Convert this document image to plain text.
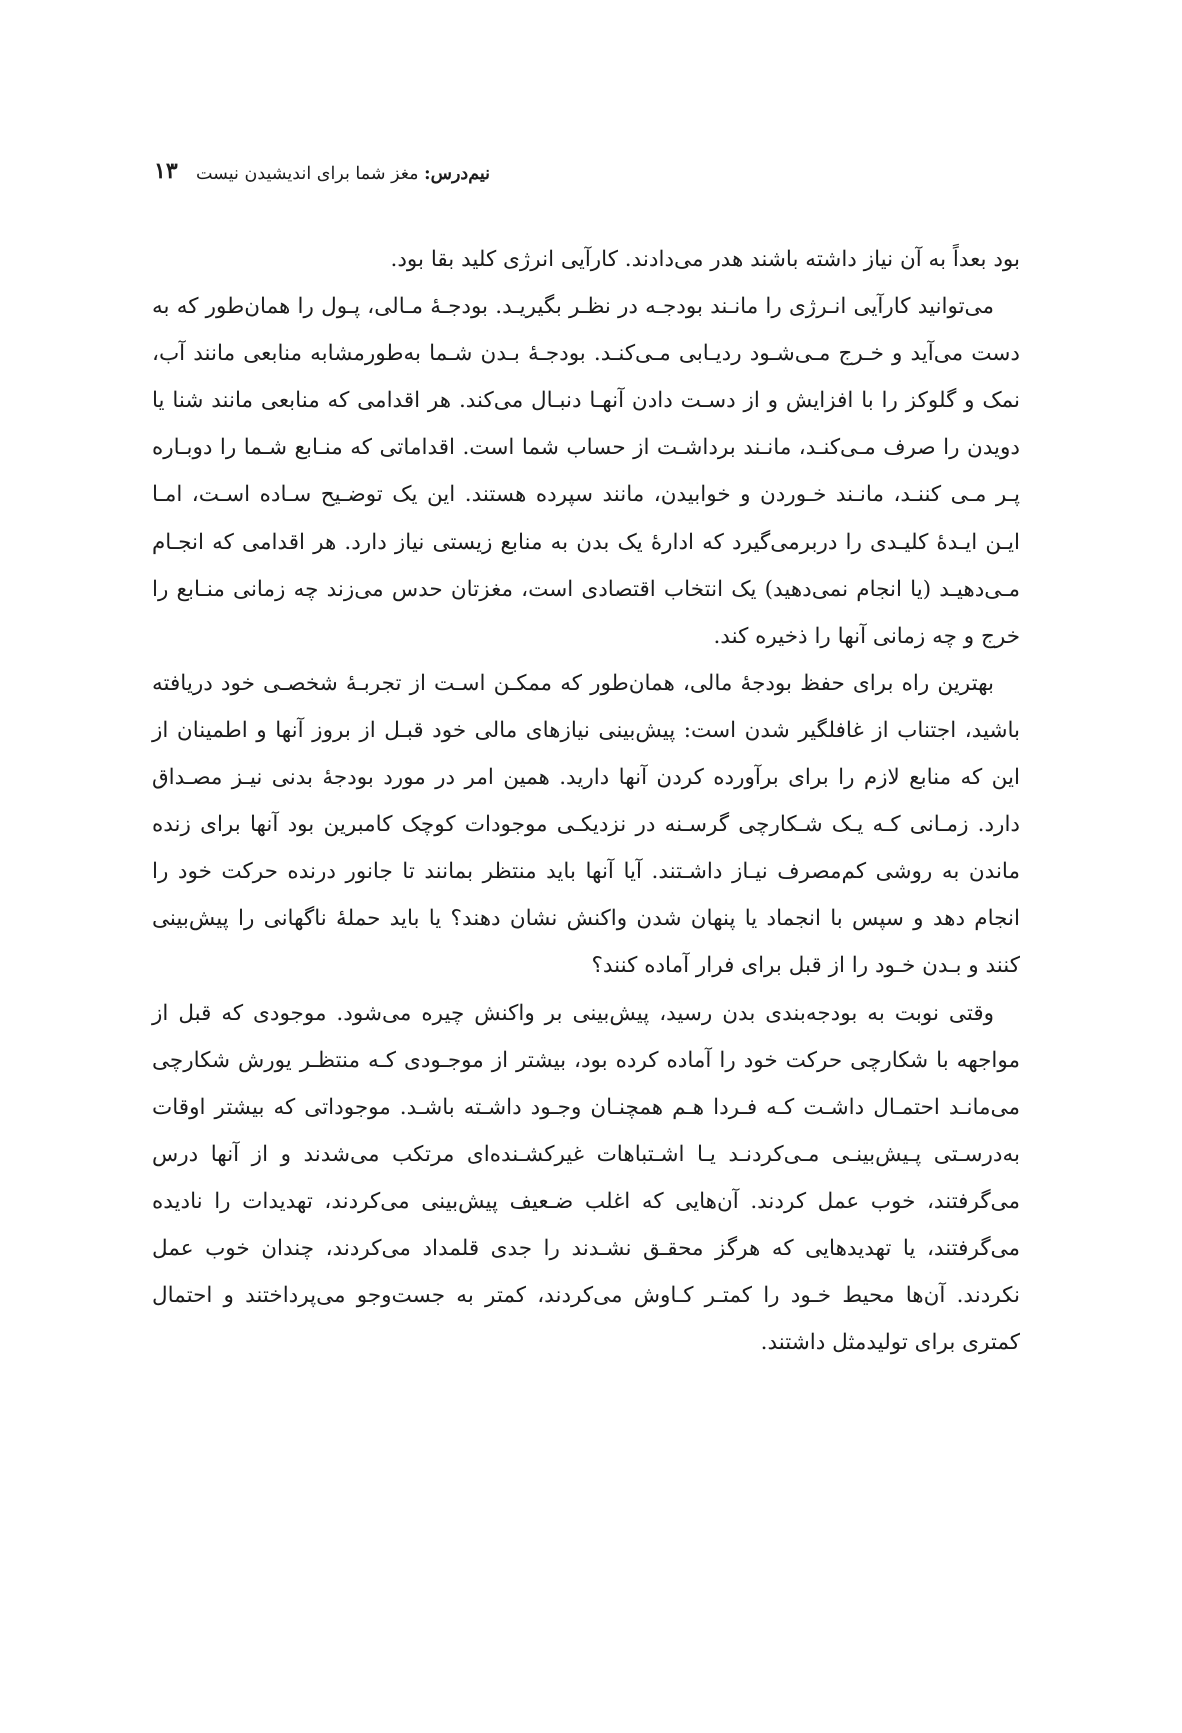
نیم‌درس: مغز شما برای اندیشیدن نیست
۱۳

بود بعداً به آن نیاز داشته باشند هدر می‌دادند. کارآیی انرژی کلید بقا بود.

می‌توانید کارآیی انـرژی را مانـند بودجـه در نظـر بگیریـد. بودجـهٔ مـالی، پـول را همان‌طور که به دست می‌آید و خـرج مـی‌شـود ردیـابی مـی‌کنـد. بودجـهٔ بـدن شـما به‌طورمشابه منابعی مانند آب، نمک و گلوکز را با افزایش و از دسـت دادن آنهـا دنبـال می‌کند. هر اقدامی که منابعی مانند شنا یا دویدن را صرف مـی‌کنـد، مانـند برداشـت از حساب شما است. اقداماتی که منـابع شـما را دوبـاره پـر مـی کننـد، مانـند خـوردن و خوابیدن، مانند سپرده هستند. این یک توضـیح سـاده اسـت، امـا ایـن ایـدهٔ کلیـدی را دربرمی‌گیرد که ادارهٔ یک بدن به منابع زیستی نیاز دارد. هر اقدامی که انجـام مـی‌دهیـد (یا انجام نمی‌دهید) یک انتخاب اقتصادی است، مغزتان حدس می‌زند چه زمانی منـابع را خرج و چه زمانی آنها را ذخیره کند.

بهترین راه برای حفظ بودجهٔ مالی، همان‌طور که ممکـن اسـت از تجربـهٔ شخصـی خود دریافته باشید، اجتناب از غافلگیر شدن است: پیش‌بینی نیازهای مالی خود قبـل از بروز آنها و اطمینان از این که منابع لازم را برای برآورده کردن آنها دارید. همین امر در مورد بودجهٔ بدنی نیـز مصـداق دارد. زمـانی کـه یـک شـکارچی گرسـنه در نزدیکـی موجودات کوچک کامبرین بود آنها برای زنده ماندن به روشی کم‌مصرف نیـاز داشـتند. آیا آنها باید منتظر بمانند تا جانور درنده حرکت خود را انجام دهد و سپس با انجماد یا پنهان شدن واکنش نشان دهند؟ یا باید حملهٔ ناگهانی را پیش‌بینی کنند و بـدن خـود را از قبل برای فرار آماده کنند؟

وقتی نوبت به بودجه‌بندی بدن رسید، پیش‌بینی بر واکنش چیره می‌شود. موجودی که قبل از مواجهه با شکارچی حرکت خود را آماده کرده بود، بیشتر از موجـودی کـه منتظـر یورش شکارچی می‌مانـد احتمـال داشـت کـه فـردا هـم همچنـان وجـود داشـته باشـد. موجوداتی که بیشتر اوقات به‌درسـتی پـیش‌بینـی مـی‌کردنـد یـا اشـتباهات غیرکشـنده‌ای مرتکب می‌شدند و از آنها درس می‌گرفتند، خوب عمل کردند. آن‌هایی که اغلب ضـعیف پیش‌بینی می‌کردند، تهدیدات را نادیده می‌گرفتند، یا تهدیدهایی که هرگز محقـق نشـدند را جدی قلمداد می‌کردند، چندان خوب عمل نکردند. آن‌ها محیط خـود را کمتـر کـاوش می‌کردند، کمتر به جست‌وجو می‌پرداختند و احتمال کمتری برای تولیدمثل داشتند.
